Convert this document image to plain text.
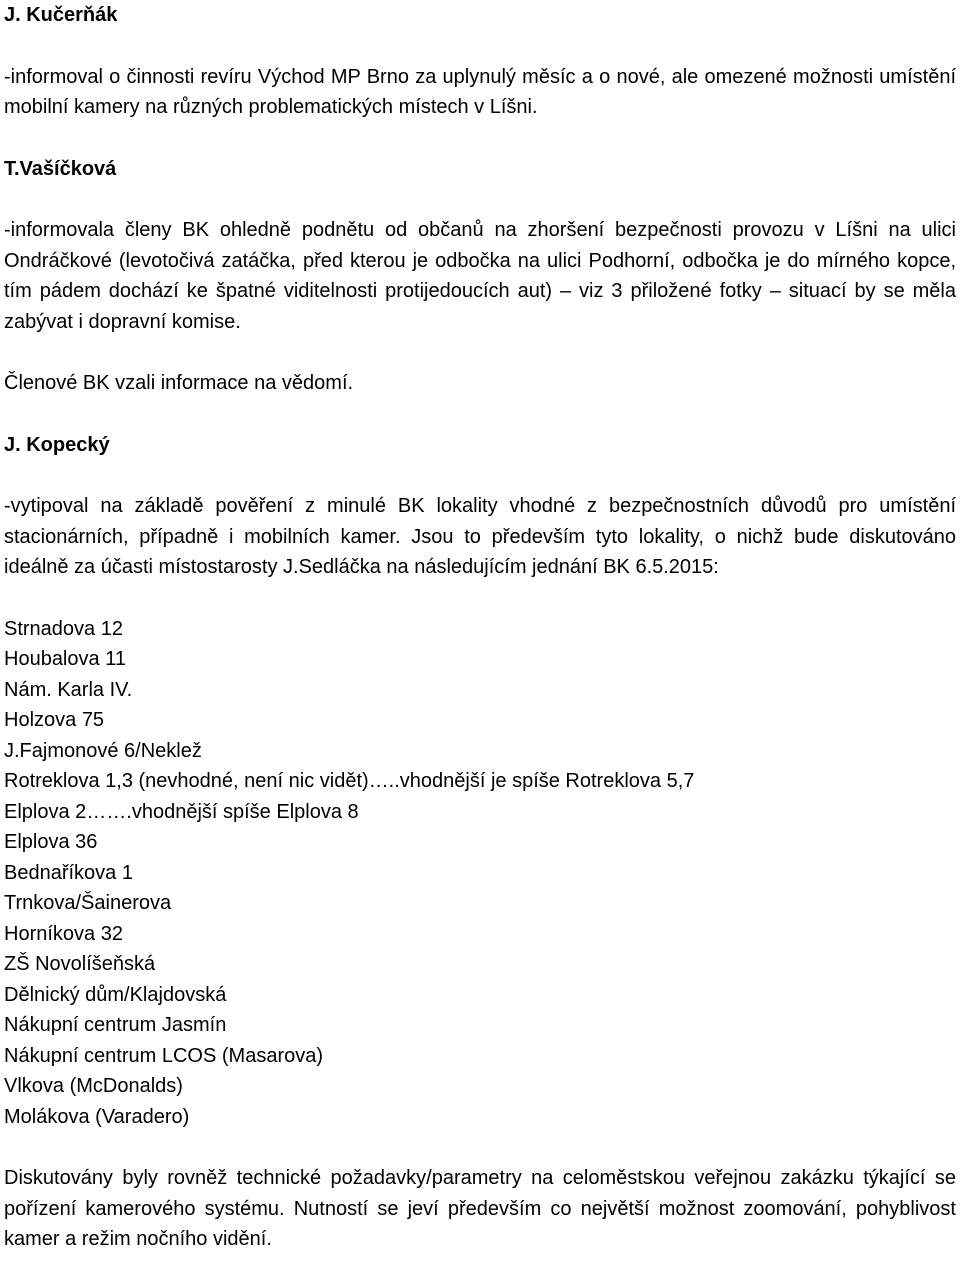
J. Kučerňák

-informoval o činnosti revíru Východ MP Brno za uplynulý měsíc a o nové, ale omezené možnosti umístění mobilní kamery na různých problematických místech v Líšni.

T.Vašíčková

-informovala členy BK ohledně podnětu od občanů na zhoršení bezpečnosti provozu v Líšni na ulici Ondráčkové (levotočivá zatáčka, před kterou je odbočka na ulici Podhorní, odbočka je do mírného kopce, tím pádem dochází ke špatné viditelnosti protijedoucích aut) – viz 3 přiložené fotky – situací by se měla zabývat i dopravní komise.

Členové BK vzali informace na vědomí.

J. Kopecký

-vytipoval na základě pověření z minulé BK lokality vhodné z bezpečnostních důvodů pro umístění stacionárních, případně i mobilních kamer. Jsou to především tyto lokality, o nichž bude diskutováno ideálně za účasti místostarosty J.Sedláčka na následujícím jednání BK 6.5.2015:

Strnadova 12
Houbalova 11
Nám. Karla IV.
Holzova 75
J.Fajmonové 6/Neklež
Rotreklova 1,3 (nevhodné, není nic vidět)…..vhodnější je spíše Rotreklova 5,7
Elplova 2…….vhodnější spíše Elplova 8
Elplova 36
Bednaříkova 1
Trnkova/Šainerova
Horníkova 32
ZŠ Novolíšeňská
Dělnický dům/Klajdovská
Nákupní centrum Jasmín
Nákupní centrum LCOS (Masarova)
Vlkova (McDonalds)
Molákova (Varadero)

Diskutovány byly rovněž technické požadavky/parametry na celoměstskou veřejnou zakázku týkající se pořízení kamerového systému. Nutností se jeví především co největší možnost zoomování, pohyblivost kamer a režim nočního vidění.
